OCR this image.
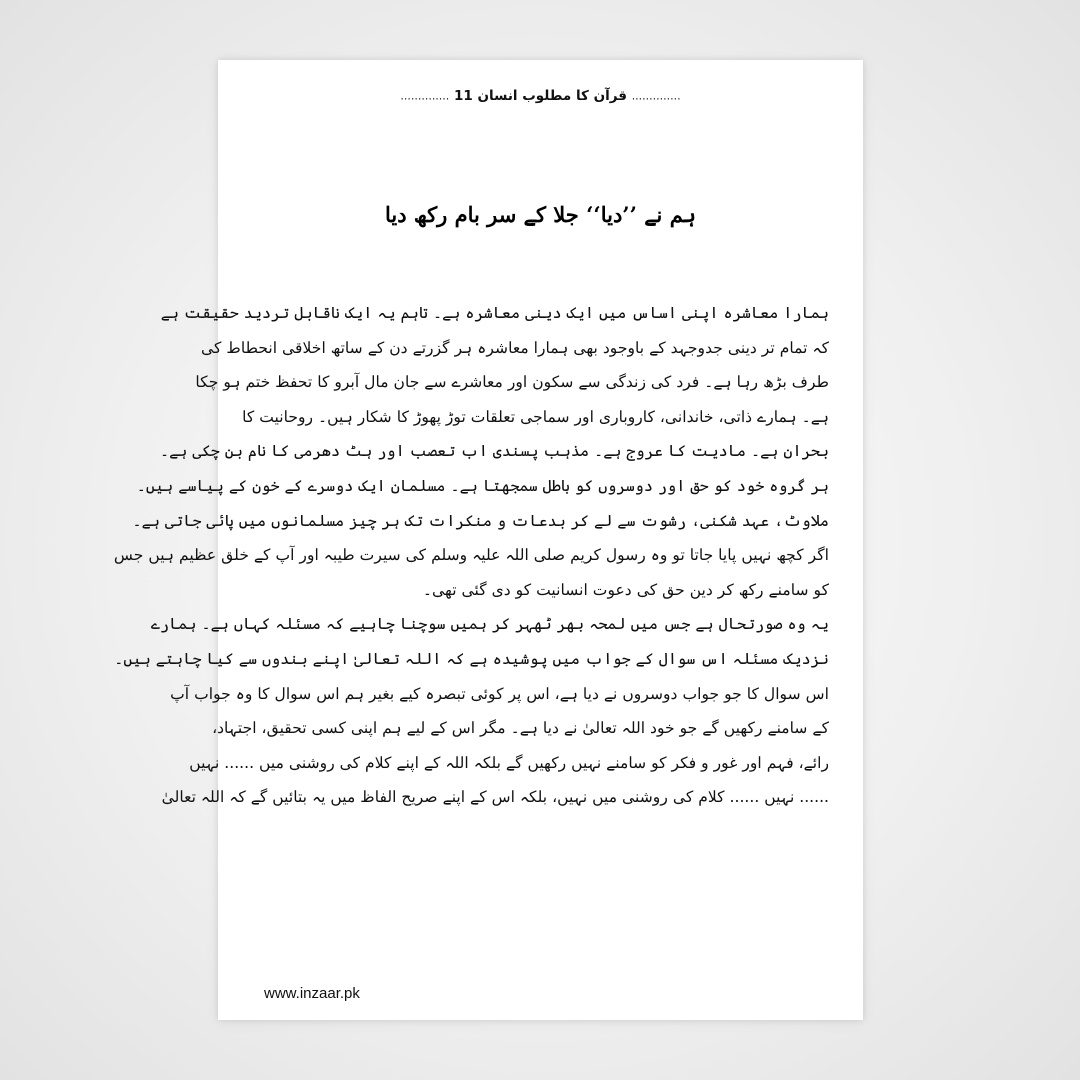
.............. قرآن کا مطلوب انسان 11 ..............
ہم نے ’’دیا‘‘ جلا کے سر بام رکھ دیا

ہمارا معاشرہ اپنی اساس میں ایک دینی معاشرہ ہے۔ تاہم یہ ایک ناقابل تردید حقیقت ہے

کہ تمام تر دینی جدوجہد کے باوجود بھی ہمارا معاشرہ ہر گزرتے دن کے ساتھ اخلاقی انحطاط کی

طرف بڑھ رہا ہے۔ فرد کی زندگی سے سکون اور معاشرے سے جان مال آبرو کا تحفظ ختم ہو چکا

ہے۔ ہمارے ذاتی، خاندانی، کاروباری اور سماجی تعلقات توڑ پھوڑ کا شکار ہیں۔ روحانیت کا

بحران ہے۔ مادیت کا عروج ہے۔ مذہب پسندی اب تعصب اور ہٹ دھرمی کا نام بن چکی ہے۔

ہر گروہ خود کو حق اور دوسروں کو باطل سمجھتا ہے۔ مسلمان ایک دوسرے کے خون کے پیاسے ہیں۔

ملاوٹ، عہد شکنی، رشوت سے لے کر بدعات و منکرات تک ہر چیز مسلمانوں میں پائی جاتی ہے۔

اگر کچھ نہیں پایا جاتا تو وہ رسول کریم صلی اللہ علیہ وسلم کی سیرت طیبہ اور آپ کے خلق عظیم ہیں جس

کو سامنے رکھ کر دین حق کی دعوت انسانیت کو دی گئی تھی۔

یہ وہ صورتحال ہے جس میں لمحہ بھر ٹھہر کر ہمیں سوچنا چاہیے کہ مسئلہ کہاں ہے۔ ہمارے

نزدیک مسئلہ اس سوال کے جواب میں پوشیدہ ہے کہ اللہ تعالیٰ اپنے بندوں سے کیا چاہتے ہیں۔

اس سوال کا جو جواب دوسروں نے دیا ہے، اس پر کوئی تبصرہ کیے بغیر ہم اس سوال کا وہ جواب آپ

کے سامنے رکھیں گے جو خود اللہ تعالیٰ نے دیا ہے۔ مگر اس کے لیے ہم اپنی کسی تحقیق، اجتہاد،

رائے، فہم اور غور و فکر کو سامنے نہیں رکھیں گے بلکہ اللہ کے اپنے کلام کی روشنی میں ...... نہیں

...... نہیں ...... کلام کی روشنی میں نہیں، بلکہ اس کے اپنے صریح الفاظ میں یہ بتائیں گے کہ اللہ تعالیٰ

www.inzaar.pk
